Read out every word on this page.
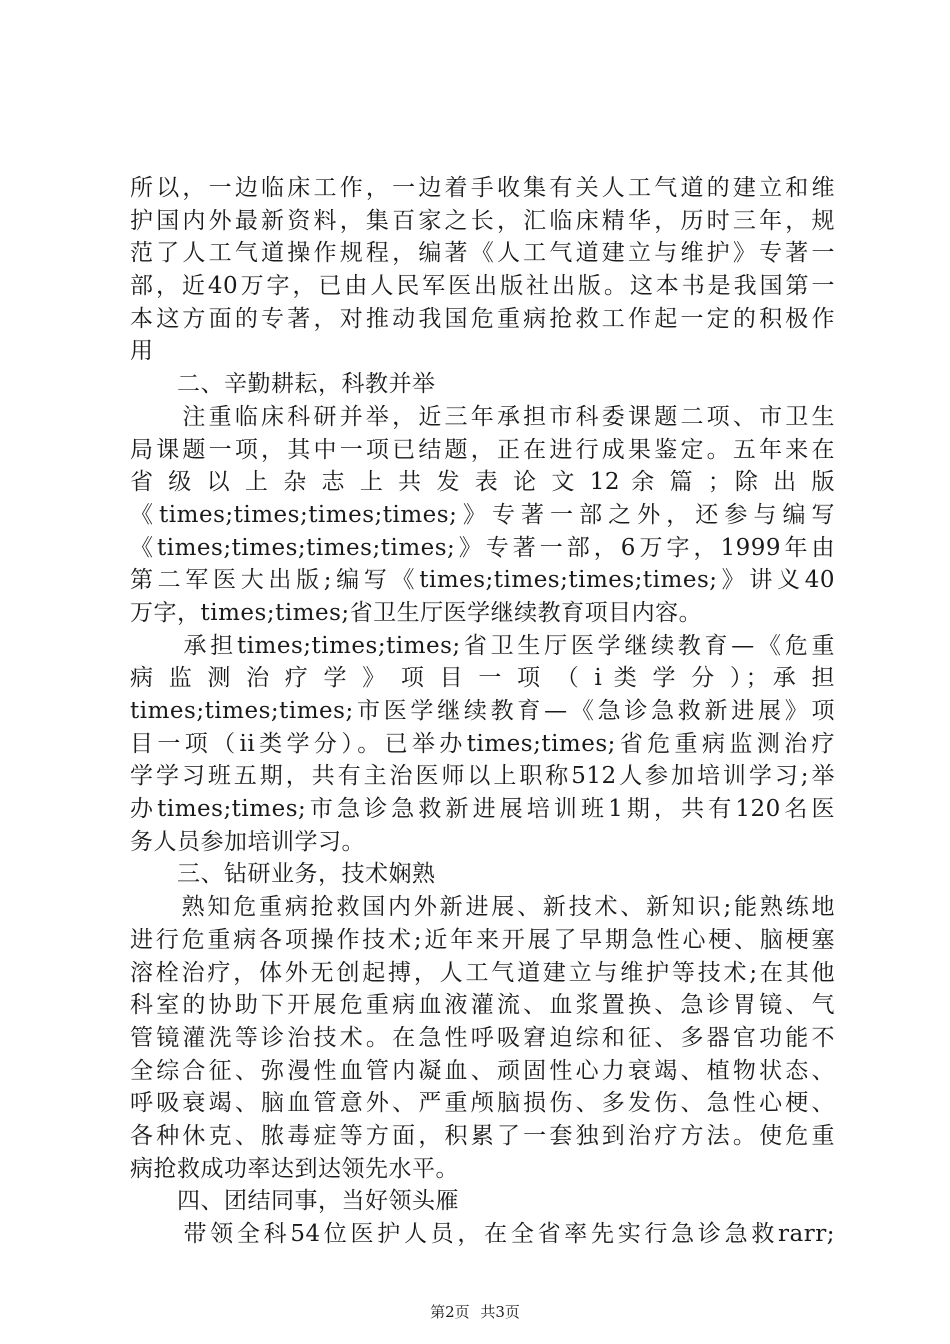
所以，一边临床工作，一边着手收集有关人工气道的建立和维
护国内外最新资料，集百家之长，汇临床精华，历时三年，规
范了人工气道操作规程，编著《人工气道建立与维护》专著一
部，近40万字，已由人民军医出版社出版。这本书是我国第一
本这方面的专著，对推动我国危重病抢救工作起一定的积极作
用
　　二、辛勤耕耘，科教并举
　　注重临床科研并举，近三年承担市科委课题二项、市卫生
局课题一项，其中一项已结题，正在进行成果鉴定。五年来在
省 级 以 上 杂 志 上 共 发 表 论 文 12 余 篇 ；除 出 版
《times;times;times;times;》专著一部之外，还参与编写
《times;times;times;times;》专著一部，6万字，1999年由
第二军医大出版;编写《times;times;times;times;》讲义40
万字，times;times;省卫生厅医学继续教育项目内容。
　　承担times;times;times;省卫生厅医学继续教育—《危重
病 监 测 治 疗 学 》 项 目 一 项 （ i 类 学 分 ）；承 担
times;times;times;市医学继续教育—《急诊急救新进展》项
目一项（ii类学分）。已举办times;times;省危重病监测治疗
学学习班五期，共有主治医师以上职称512人参加培训学习;举
办times;times;市急诊急救新进展培训班1期，共有120名医
务人员参加培训学习。
　　三、钻研业务，技术娴熟
　　熟知危重病抢救国内外新进展、新技术、新知识;能熟练地
进行危重病各项操作技术;近年来开展了早期急性心梗、脑梗塞
溶栓治疗，体外无创起搏，人工气道建立与维护等技术;在其他
科室的协助下开展危重病血液灌流、血浆置换、急诊胃镜、气
管镜灌洗等诊治技术。在急性呼吸窘迫综和征、多器官功能不
全综合征、弥漫性血管内凝血、顽固性心力衰竭、植物状态、
呼吸衰竭、脑血管意外、严重颅脑损伤、多发伤、急性心梗、
各种休克、脓毒症等方面，积累了一套独到治疗方法。使危重
病抢救成功率达到达领先水平。
　　四、团结同事，当好领头雁
　　带领全科54位医护人员，在全省率先实行急诊急救rarr;
第2页 共3页
